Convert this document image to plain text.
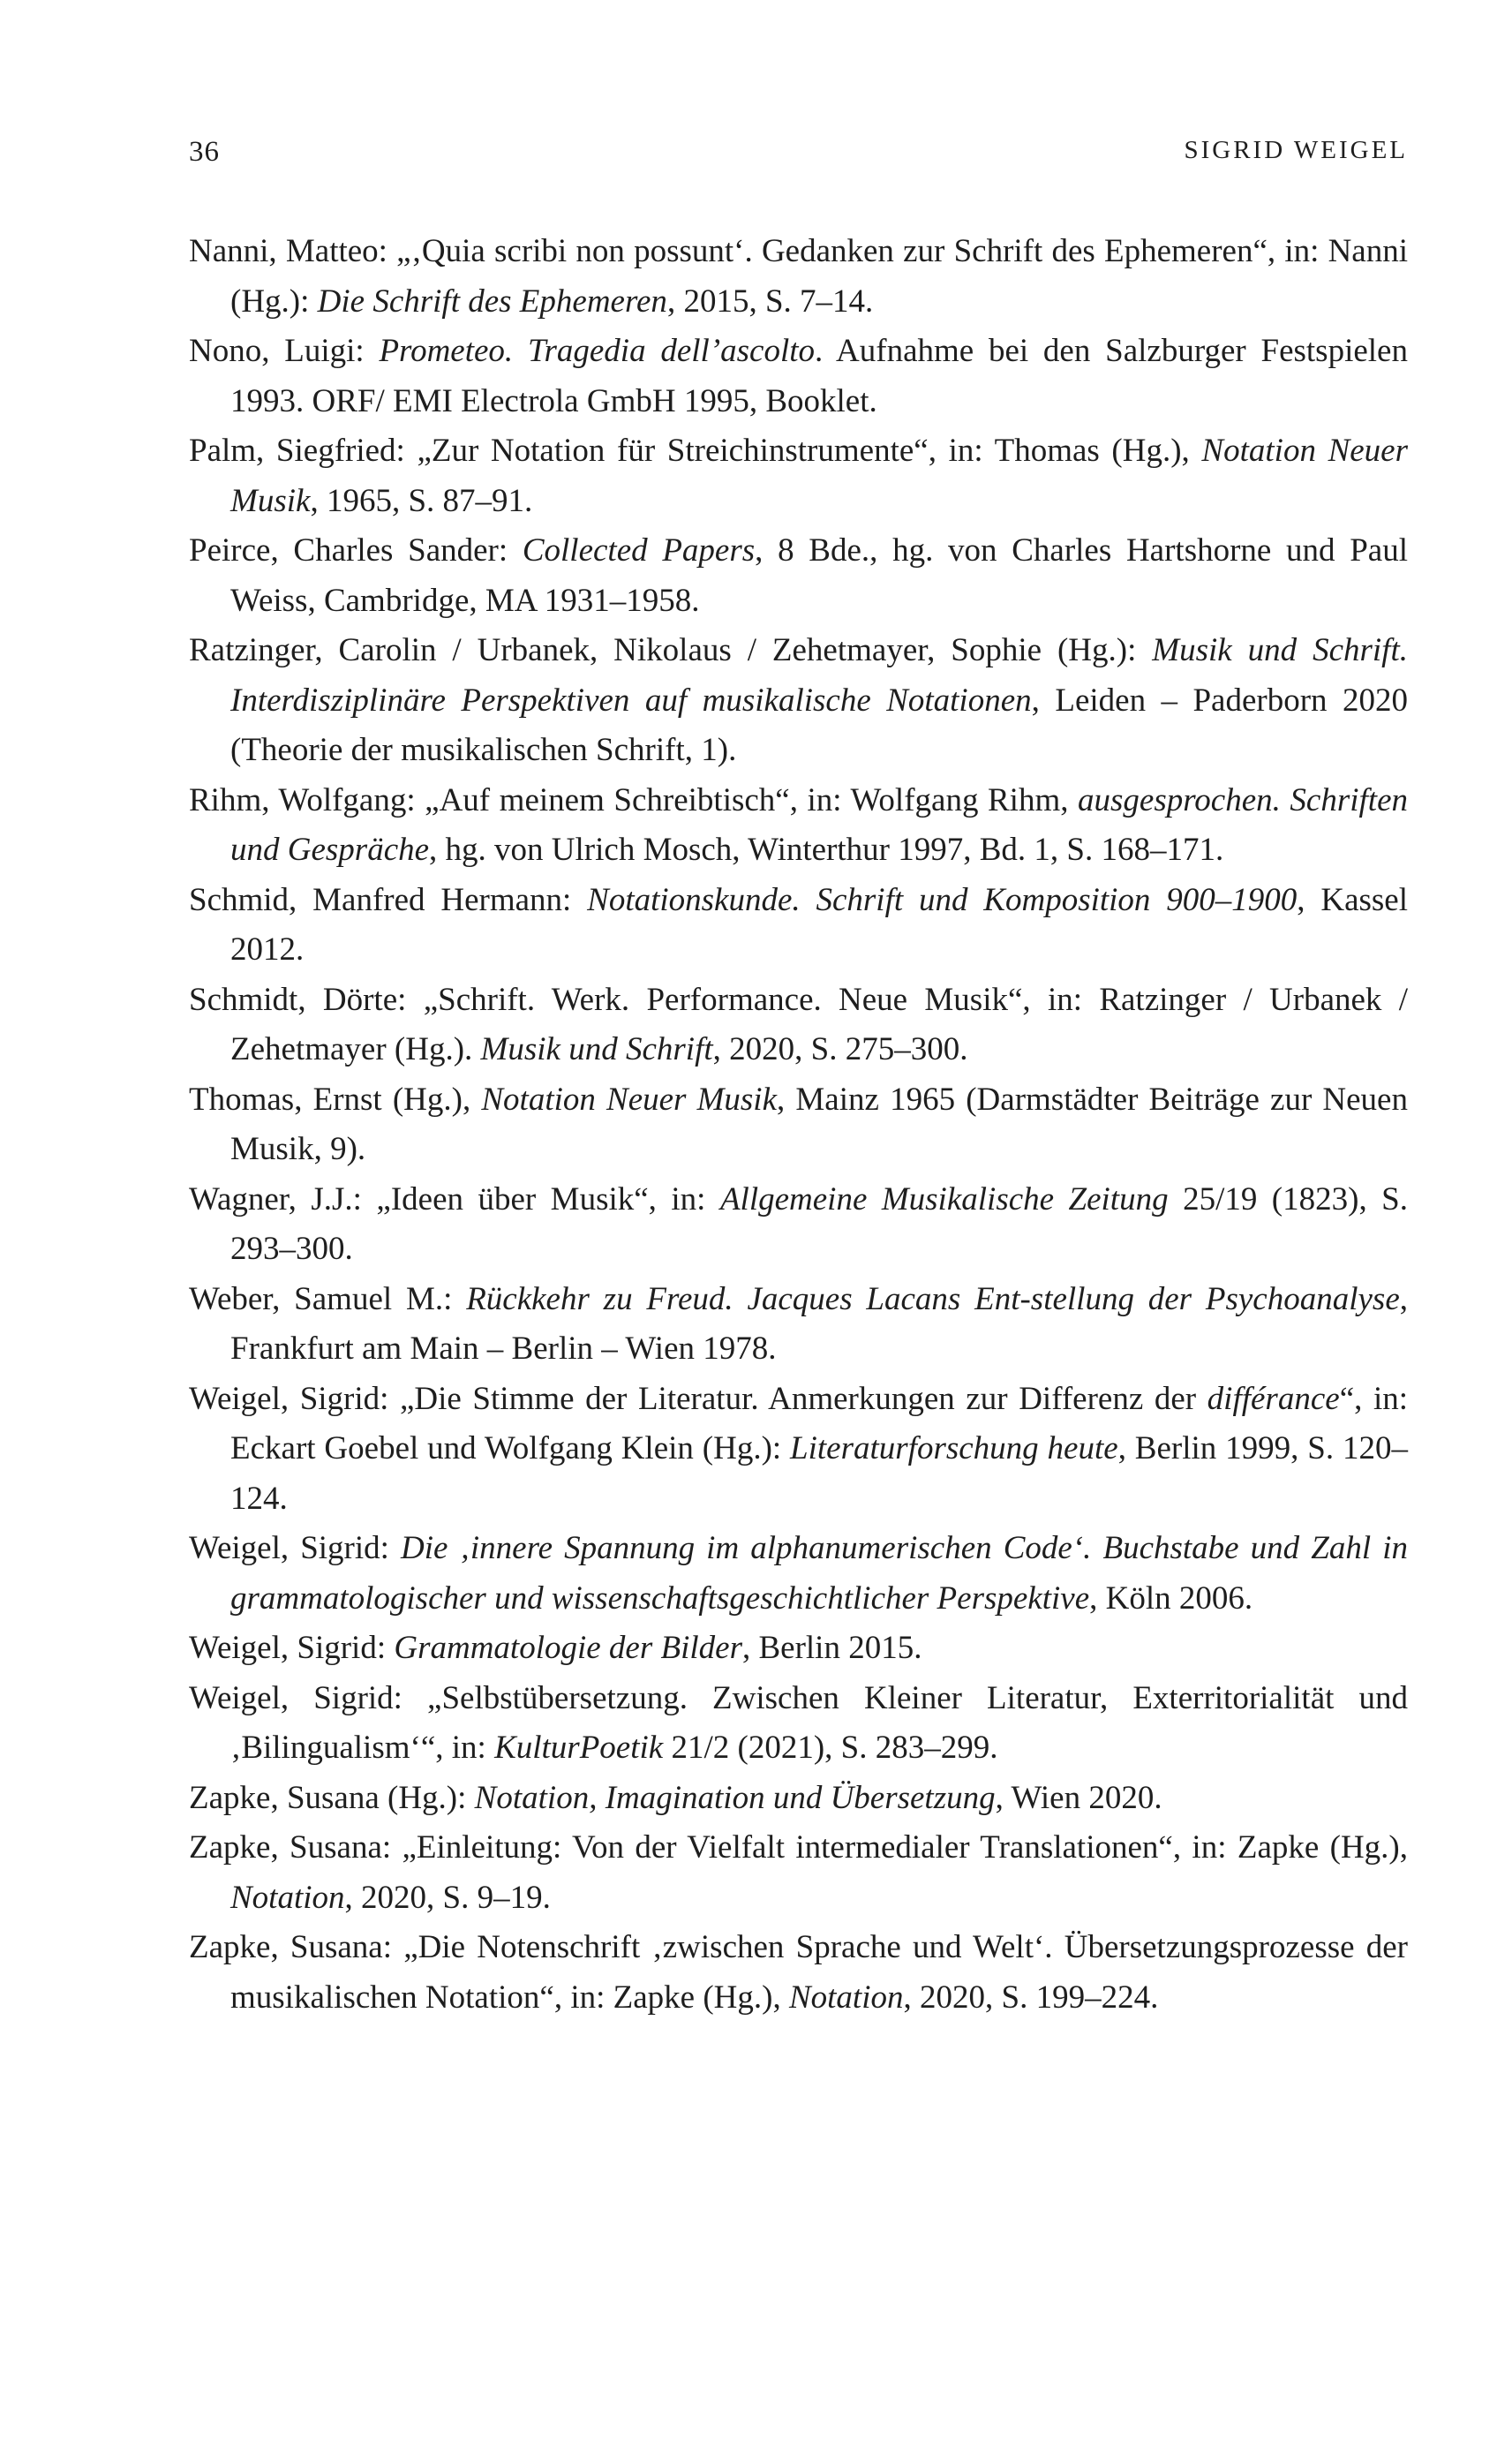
36	SIGRID WEIGEL
Nanni, Matteo: „‚Quia scribi non possunt‘. Gedanken zur Schrift des Ephemeren“, in: Nanni (Hg.): Die Schrift des Ephemeren, 2015, S. 7–14.
Nono, Luigi: Prometeo. Tragedia dell’ascolto. Aufnahme bei den Salzburger Festspielen 1993. ORF/ EMI Electrola GmbH 1995, Booklet.
Palm, Siegfried: „Zur Notation für Streichinstrumente“, in: Thomas (Hg.), Notation Neuer Musik, 1965, S. 87–91.
Peirce, Charles Sander: Collected Papers, 8 Bde., hg. von Charles Hartshorne und Paul Weiss, Cambridge, MA 1931–1958.
Ratzinger, Carolin / Urbanek, Nikolaus / Zehetmayer, Sophie (Hg.): Musik und Schrift. Interdisziplinäre Perspektiven auf musikalische Notationen, Leiden – Paderborn 2020 (Theorie der musikalischen Schrift, 1).
Rihm, Wolfgang: „Auf meinem Schreibtisch“, in: Wolfgang Rihm, ausgesprochen. Schriften und Gespräche, hg. von Ulrich Mosch, Winterthur 1997, Bd. 1, S. 168–171.
Schmid, Manfred Hermann: Notationskunde. Schrift und Komposition 900–1900, Kassel 2012.
Schmidt, Dörte: „Schrift. Werk. Performance. Neue Musik“, in: Ratzinger / Urbanek / Zehetmayer (Hg.). Musik und Schrift, 2020, S. 275–300.
Thomas, Ernst (Hg.), Notation Neuer Musik, Mainz 1965 (Darmstädter Beiträge zur Neuen Musik, 9).
Wagner, J.J.: „Ideen über Musik“, in: Allgemeine Musikalische Zeitung 25/19 (1823), S. 293–300.
Weber, Samuel M.: Rückkehr zu Freud. Jacques Lacans Ent-stellung der Psychoanalyse, Frankfurt am Main – Berlin – Wien 1978.
Weigel, Sigrid: „Die Stimme der Literatur. Anmerkungen zur Differenz der différance“, in: Eckart Goebel und Wolfgang Klein (Hg.): Literaturforschung heute, Berlin 1999, S. 120–124.
Weigel, Sigrid: Die ‚innere Spannung im alphanumerischen Code‘. Buchstabe und Zahl in grammatologischer und wissenschaftsgeschichtlicher Perspektive, Köln 2006.
Weigel, Sigrid: Grammatologie der Bilder, Berlin 2015.
Weigel, Sigrid: „Selbstübersetzung. Zwischen Kleiner Literatur, Exterritorialität und ‚Bilingualism‘“, in: KulturPoetik 21/2 (2021), S. 283–299.
Zapke, Susana (Hg.): Notation, Imagination und Übersetzung, Wien 2020.
Zapke, Susana: „Einleitung: Von der Vielfalt intermedialer Translationen“, in: Zapke (Hg.), Notation, 2020, S. 9–19.
Zapke, Susana: „Die Notenschrift ‚zwischen Sprache und Welt‘. Übersetzungsprozesse der musikalischen Notation“, in: Zapke (Hg.), Notation, 2020, S. 199–224.
